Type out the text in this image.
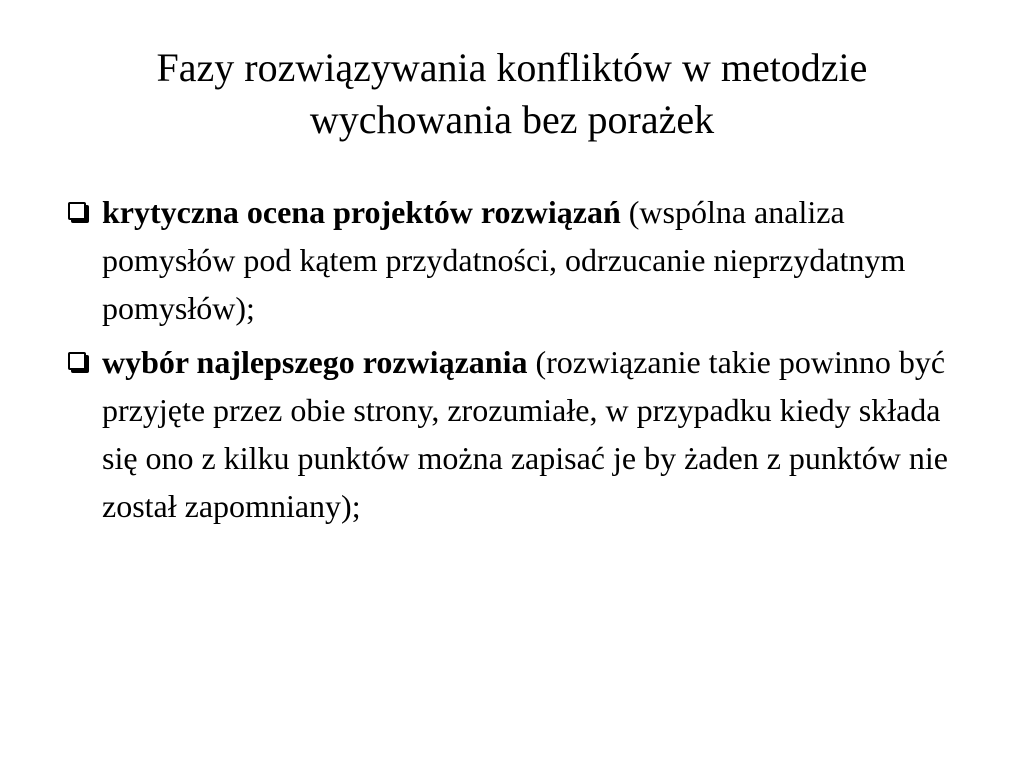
Fazy rozwiązywania konfliktów w metodzie
wychowania bez porażek
krytyczna ocena projektów rozwiązań (wspólna analiza pomysłów pod kątem przydatności, odrzucanie nieprzydatnym pomysłów);
wybór najlepszego rozwiązania (rozwiązanie takie powinno być przyjęte przez obie strony, zrozumiałe, w przypadku kiedy składa się ono z kilku punktów można zapisać je by żaden z punktów nie został zapomniany);
